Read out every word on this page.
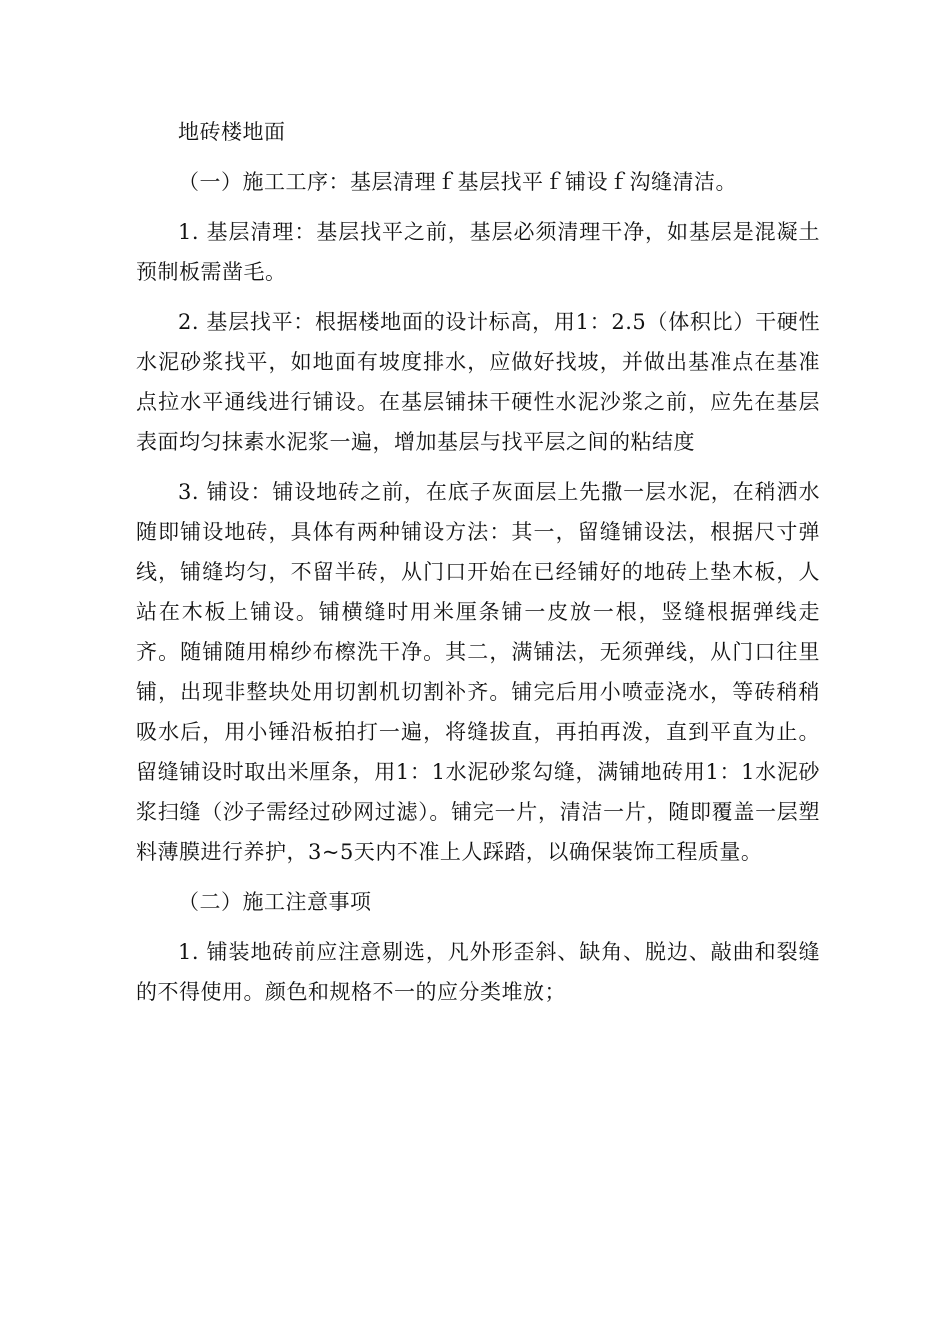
地砖楼地面

（一）施工工序：基层清理ｆ基层找平ｆ铺设ｆ沟缝清洁。

1. 基层清理：基层找平之前，基层必须清理干净，如基层是混凝土预制板需凿毛。

2. 基层找平：根据楼地面的设计标高，用1：2.5（体积比）干硬性水泥砂浆找平，如地面有坡度排水，应做好找坡，并做出基准点在基准点拉水平通线进行铺设。在基层铺抹干硬性水泥沙浆之前，应先在基层表面均匀抹素水泥浆一遍，增加基层与找平层之间的粘结度

3. 铺设：铺设地砖之前，在底子灰面层上先撒一层水泥，在稍洒水随即铺设地砖，具体有两种铺设方法：其一，留缝铺设法，根据尺寸弹线，铺缝均匀，不留半砖，从门口开始在已经铺好的地砖上垫木板，人站在木板上铺设。铺横缝时用米厘条铺一皮放一根，竖缝根据弹线走齐。随铺随用棉纱布檫洗干净。其二，满铺法，无须弹线，从门口往里铺，出现非整块处用切割机切割补齐。铺完后用小喷壶浇水，等砖稍稍吸水后，用小锤沿板拍打一遍，将缝拔直，再拍再泼，直到平直为止。留缝铺设时取出米厘条，用1：1水泥砂浆勾缝，满铺地砖用1：1水泥砂浆扫缝（沙子需经过砂网过滤）。铺完一片，清洁一片，随即覆盖一层塑料薄膜进行养护，3~5天内不准上人踩踏，以确保装饰工程质量。

（二）施工注意事项

1. 铺装地砖前应注意剔选，凡外形歪斜、缺角、脱边、敲曲和裂缝的不得使用。颜色和规格不一的应分类堆放；
